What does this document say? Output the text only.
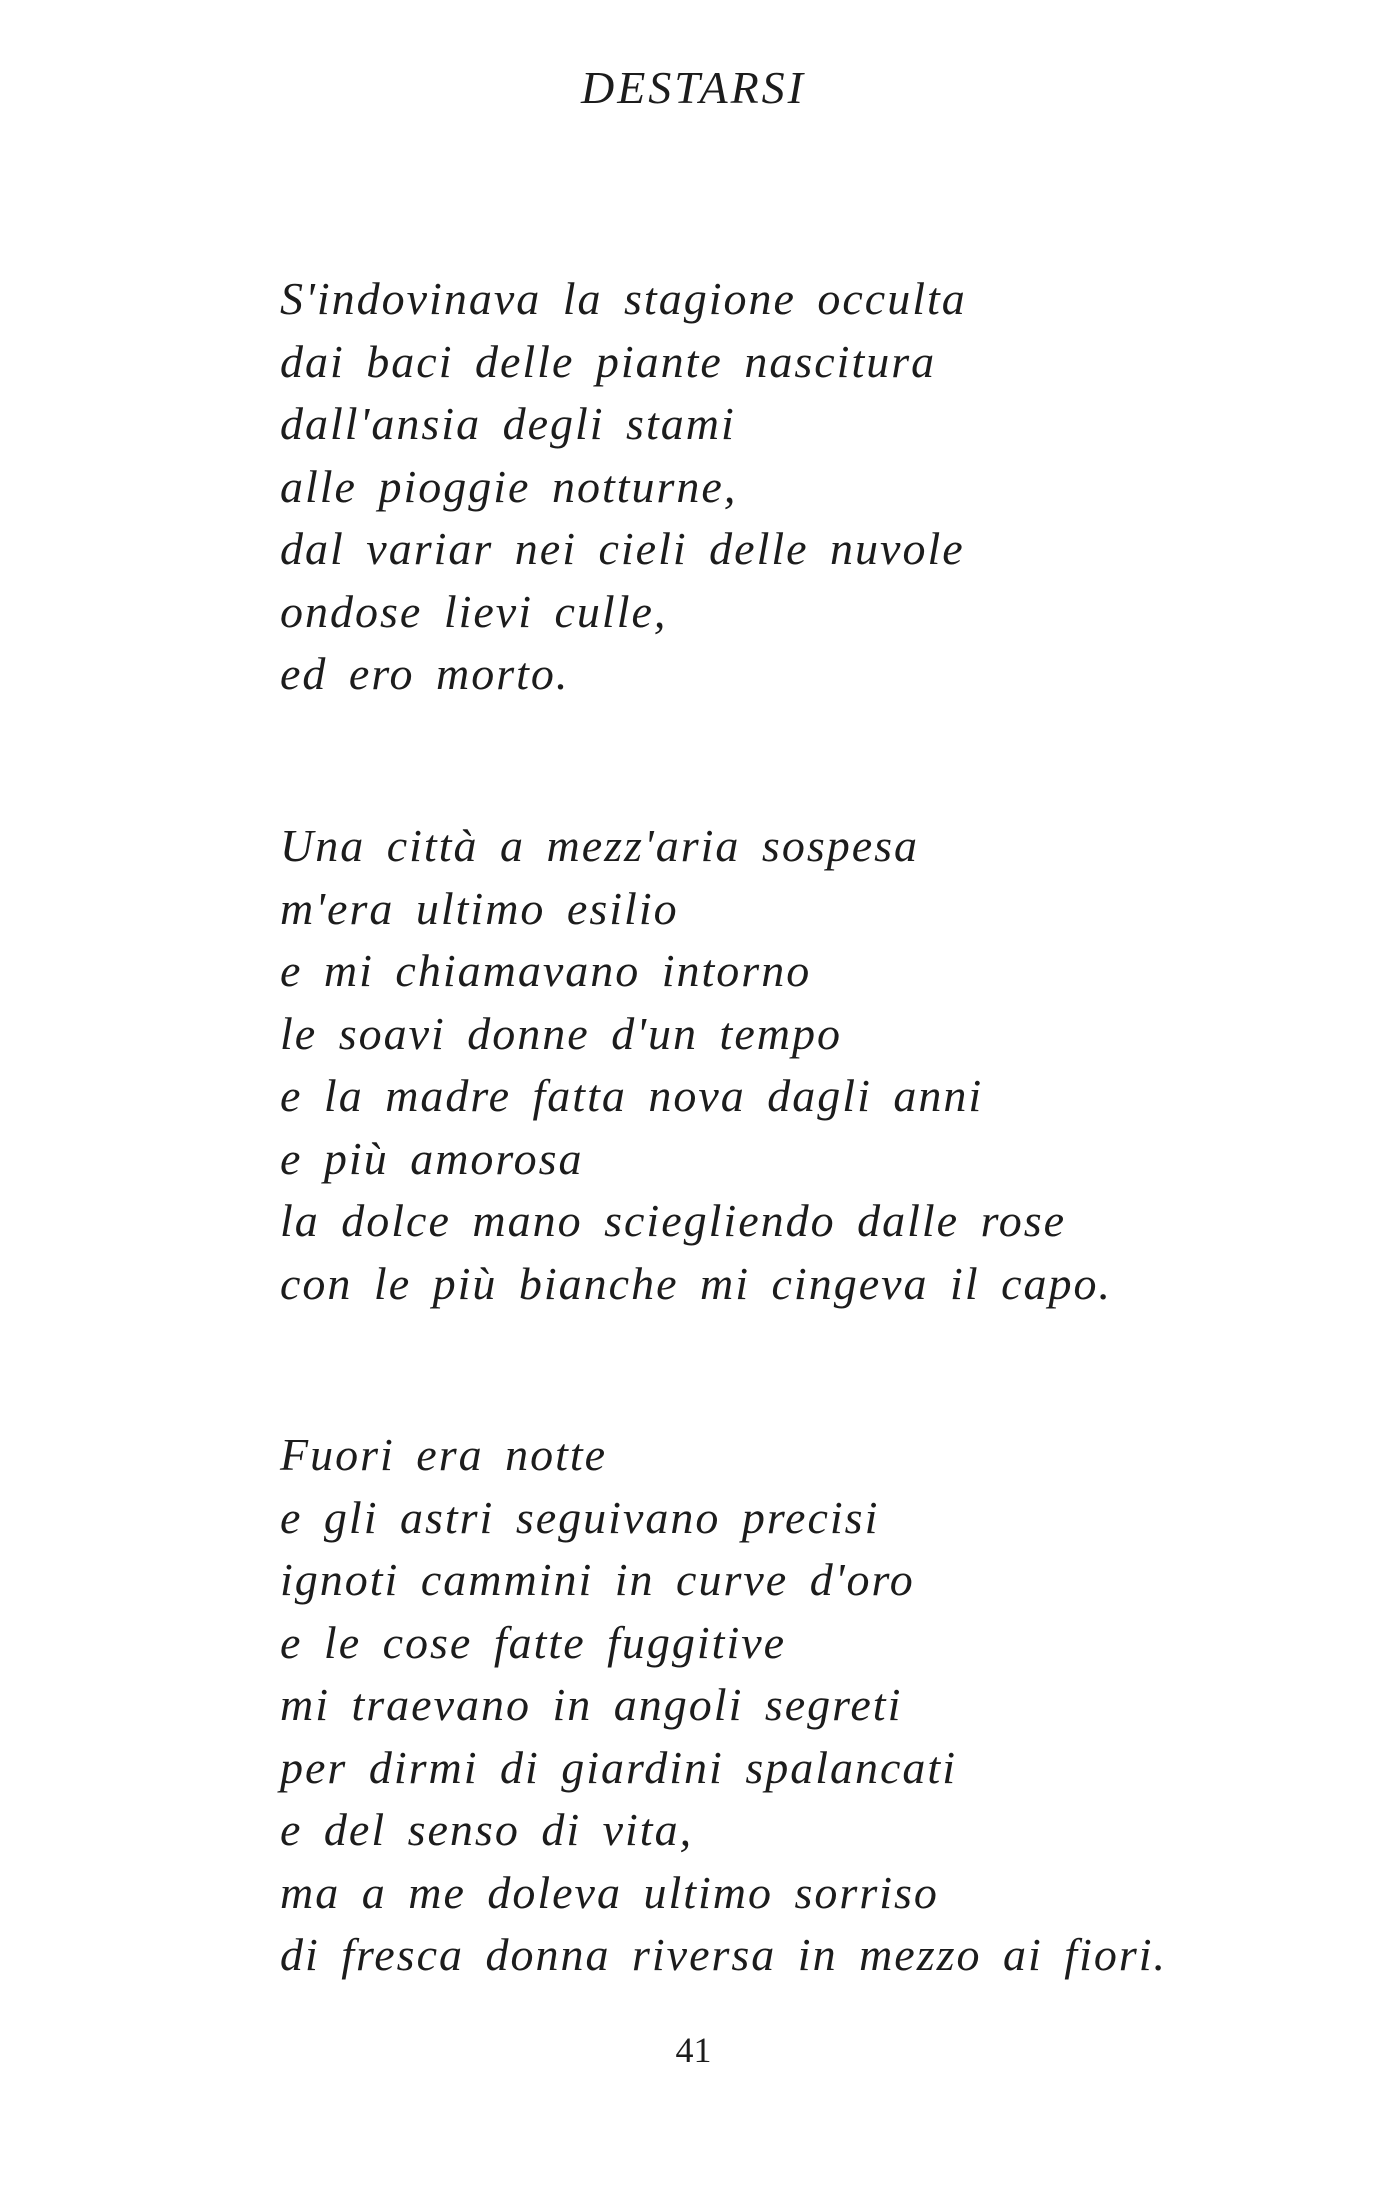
DESTARSI
S'indovinava la stagione occulta
dai baci delle piante nascitura
dall'ansia degli stami
alle pioggie notturne,
dal variar nei cieli delle nuvole
ondose lievi culle,
ed ero morto.
Una città a mezz'aria sospesa
m'era ultimo esilio
e mi chiamavano intorno
le soavi donne d'un tempo
e la madre fatta nova dagli anni
e più amorosa
la dolce mano sciegliendo dalle rose
con le più bianche mi cingeva il capo.
Fuori era notte
e gli astri seguivano precisi
ignoti cammini in curve d'oro
e le cose fatte fuggitive
mi traevano in angoli segreti
per dirmi di giardini spalancati
e del senso di vita,
ma a me doleva ultimo sorriso
di fresca donna riversa in mezzo ai fiori.

41
